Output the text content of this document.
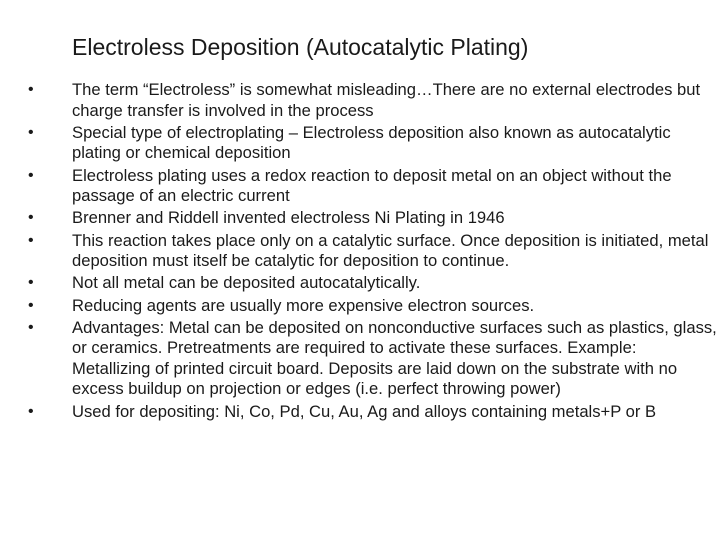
Electroless Deposition (Autocatalytic Plating)
•	The term “Electroless” is somewhat misleading…There are no external electrodes but charge transfer is involved in the process
•	Special type of electroplating – Electroless deposition also known as autocatalytic plating or chemical deposition
•	Electroless plating uses a redox reaction to deposit metal on an object without the passage of an electric current
•	Brenner and Riddell invented electroless Ni Plating in 1946
•	This reaction takes place only on a catalytic surface. Once deposition is initiated, metal deposition must itself be catalytic for deposition to continue.
•	Not all metal can be deposited autocatalytically.
•	Reducing agents are usually more expensive electron sources.
•	Advantages: Metal can be deposited on nonconductive surfaces such as plastics, glass, or ceramics. Pretreatments are required to activate these surfaces. Example: Metallizing of printed circuit board. Deposits are laid down on the substrate with no excess buildup on projection or edges (i.e. perfect throwing power)
•	Used for depositing: Ni, Co, Pd, Cu, Au, Ag and alloys containing metals+P or B
